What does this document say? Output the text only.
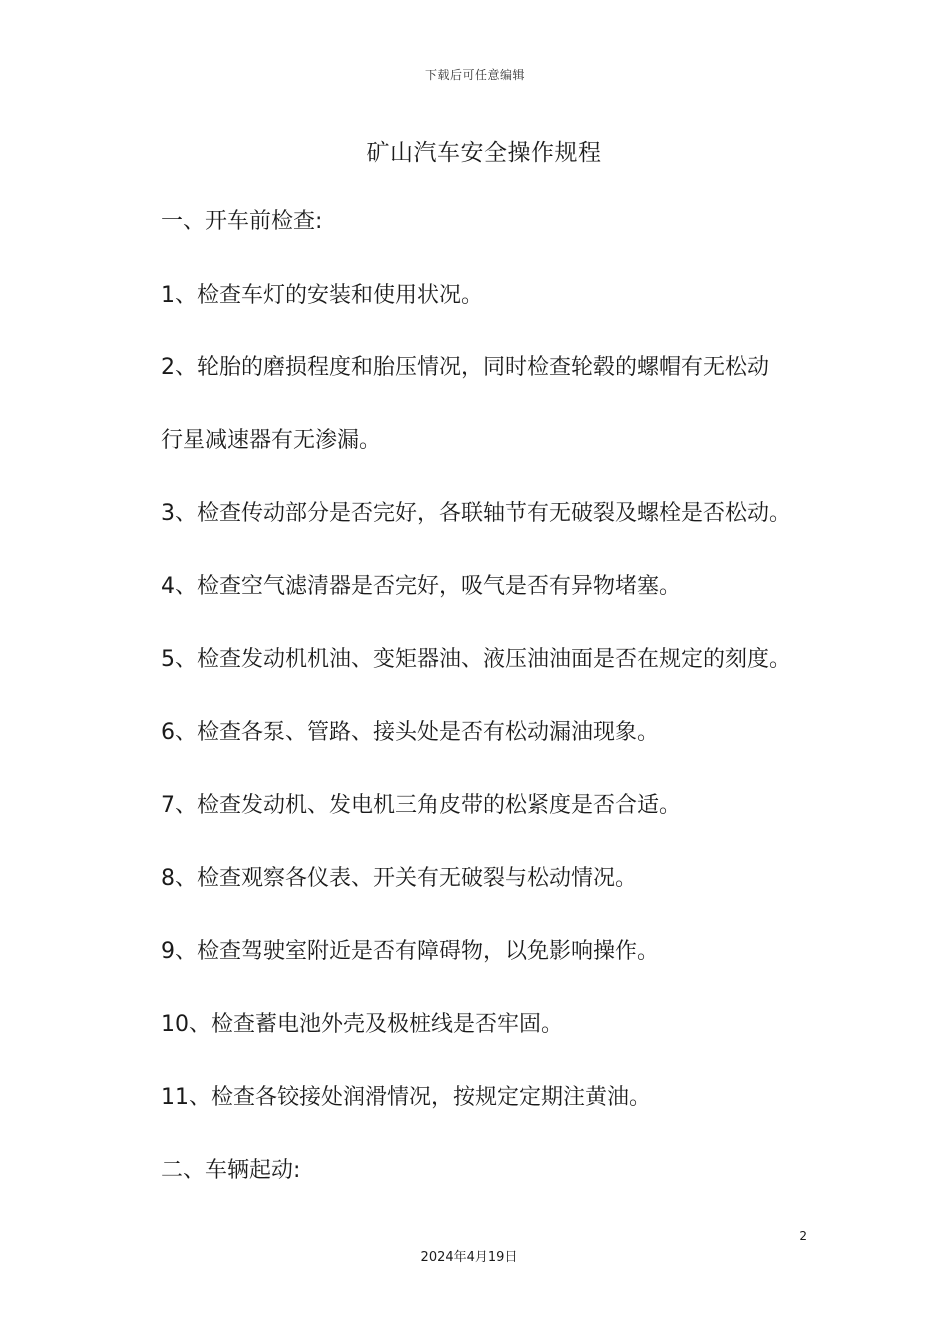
下载后可任意编辑
矿山汽车安全操作规程
一、开车前检查:
1、检查车灯的安装和使用状况。
2、轮胎的磨损程度和胎压情况，同时检查轮毂的螺帽有无松动
行星减速器有无渗漏。
3、检查传动部分是否完好，各联轴节有无破裂及螺栓是否松动。
4、检查空气滤清器是否完好，吸气是否有异物堵塞。
5、检查发动机机油、变矩器油、液压油油面是否在规定的刻度。
6、检查各泵、管路、接头处是否有松动漏油现象。
7、检查发动机、发电机三角皮带的松紧度是否合适。
8、检查观察各仪表、开关有无破裂与松动情况。
9、检查驾驶室附近是否有障碍物，以免影响操作。
10、检查蓄电池外壳及极桩线是否牢固。
11、检查各铰接处润滑情况，按规定定期注黄油。
二、车辆起动:
2
2024年4月19日
